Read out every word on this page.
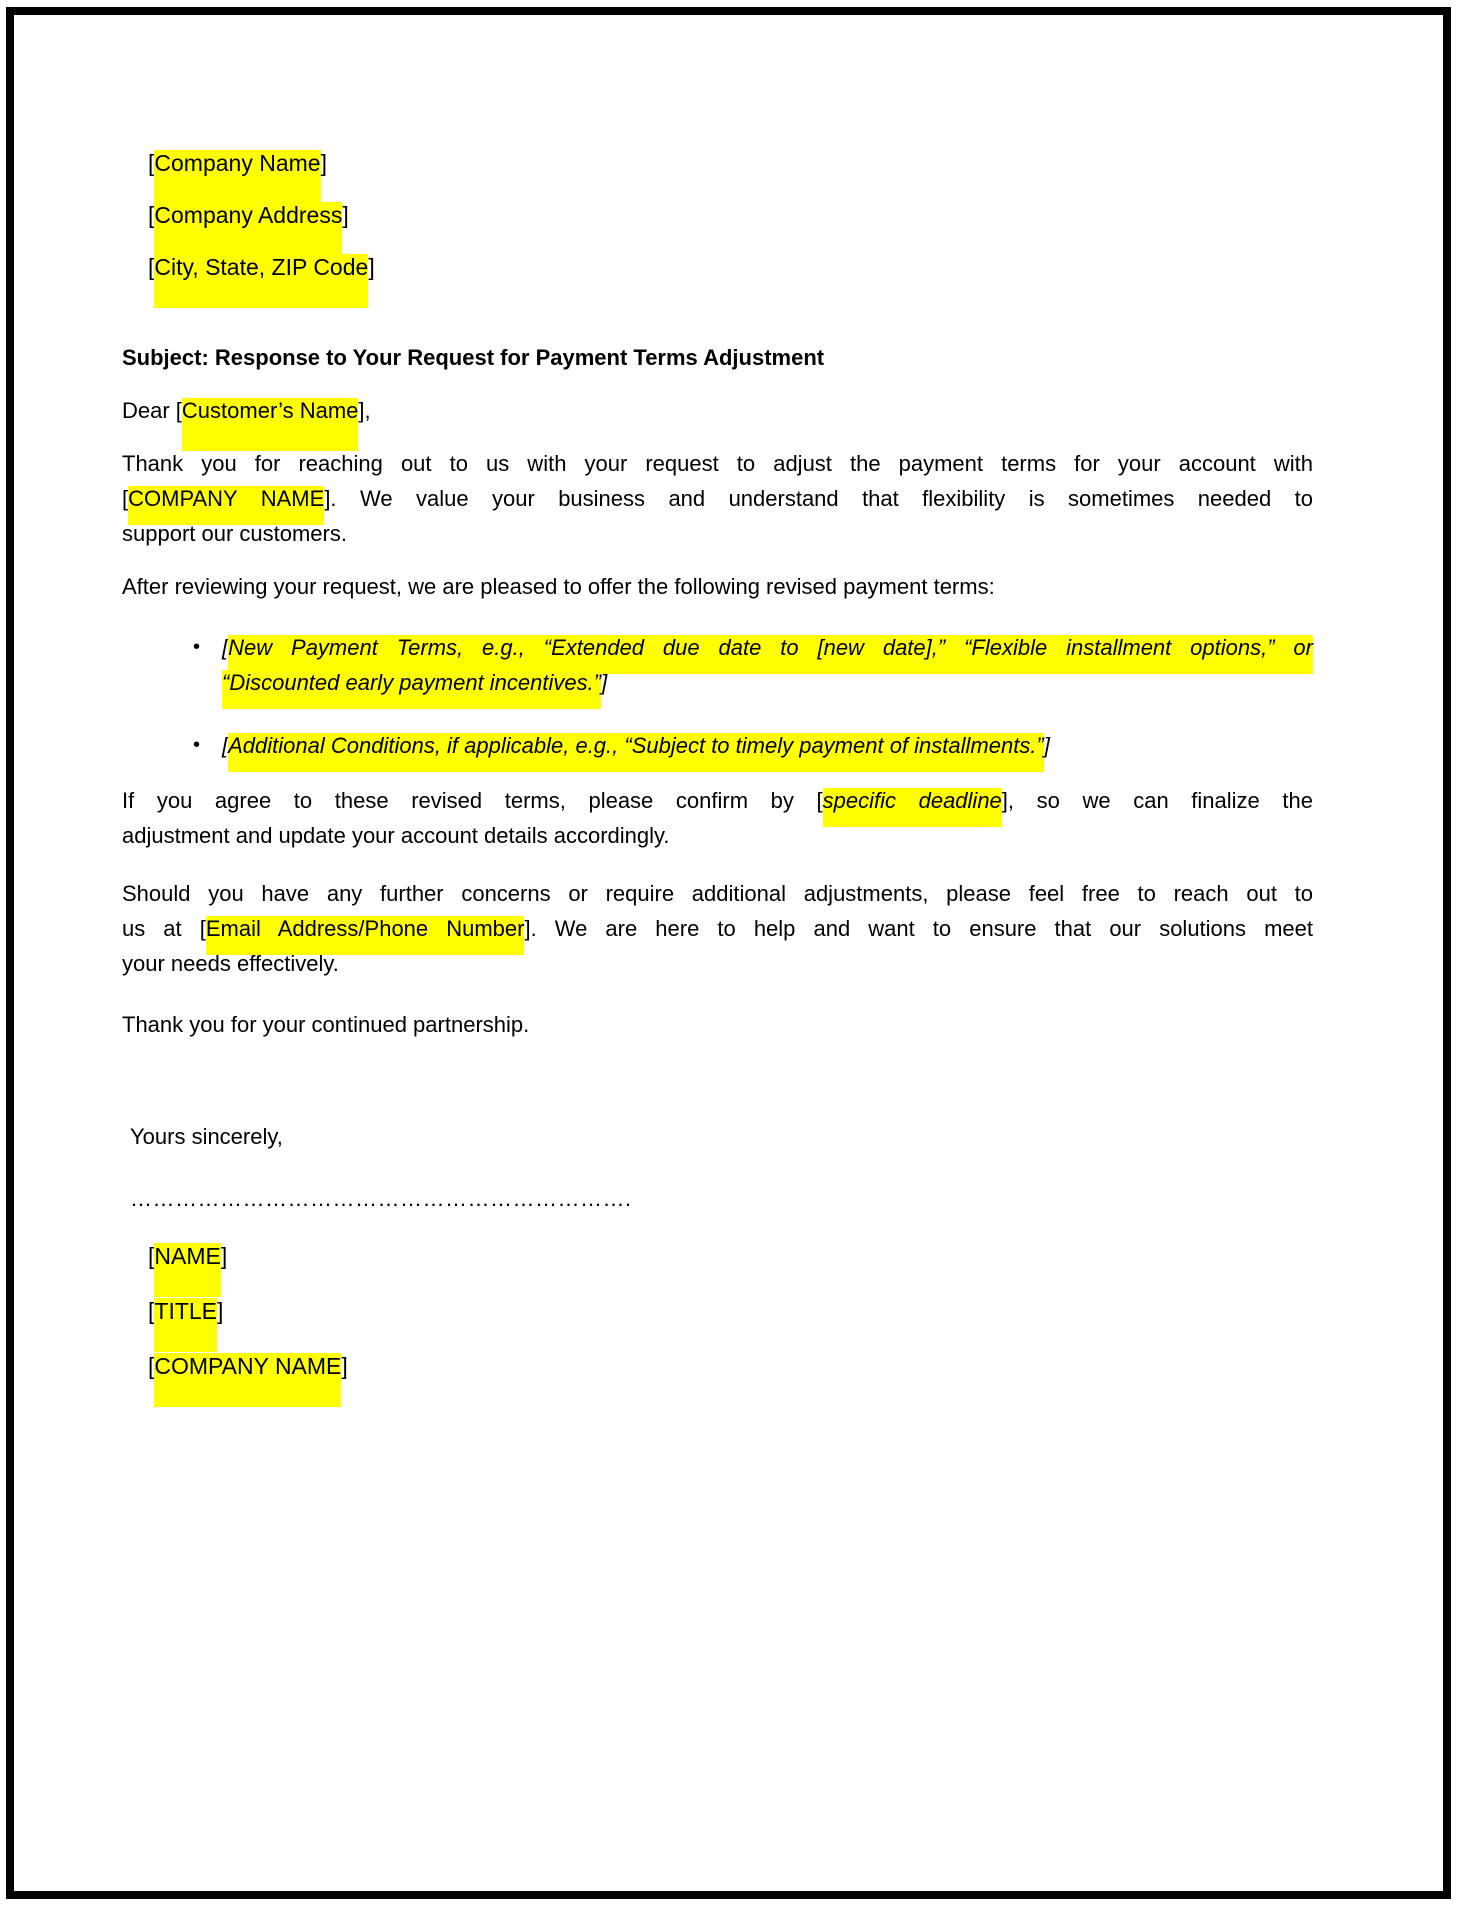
[Company Name]
[Company Address]
[City, State, ZIP Code]
Subject: Response to Your Request for Payment Terms Adjustment
Dear [Customer’s Name],
Thank you for reaching out to us with your request to adjust the payment terms for your account with
[COMPANY NAME]. We value your business and understand that flexibility is sometimes needed to
support our customers.
After reviewing your request, we are pleased to offer the following revised payment terms:
• [New Payment Terms, e.g., “Extended due date to [new date],” “Flexible installment options,” or
“Discounted early payment incentives.”]
• [Additional Conditions, if applicable, e.g., “Subject to timely payment of installments.”]
If you agree to these revised terms, please confirm by [specific deadline], so we can finalize the
adjustment and update your account details accordingly.
Should you have any further concerns or require additional adjustments, please feel free to reach out to
us at [Email Address/Phone Number]. We are here to help and want to ensure that our solutions meet
your needs effectively.
Thank you for your continued partnership.
Yours sincerely,
………………………………………………………….
[NAME]
[TITLE]
[COMPANY NAME]
